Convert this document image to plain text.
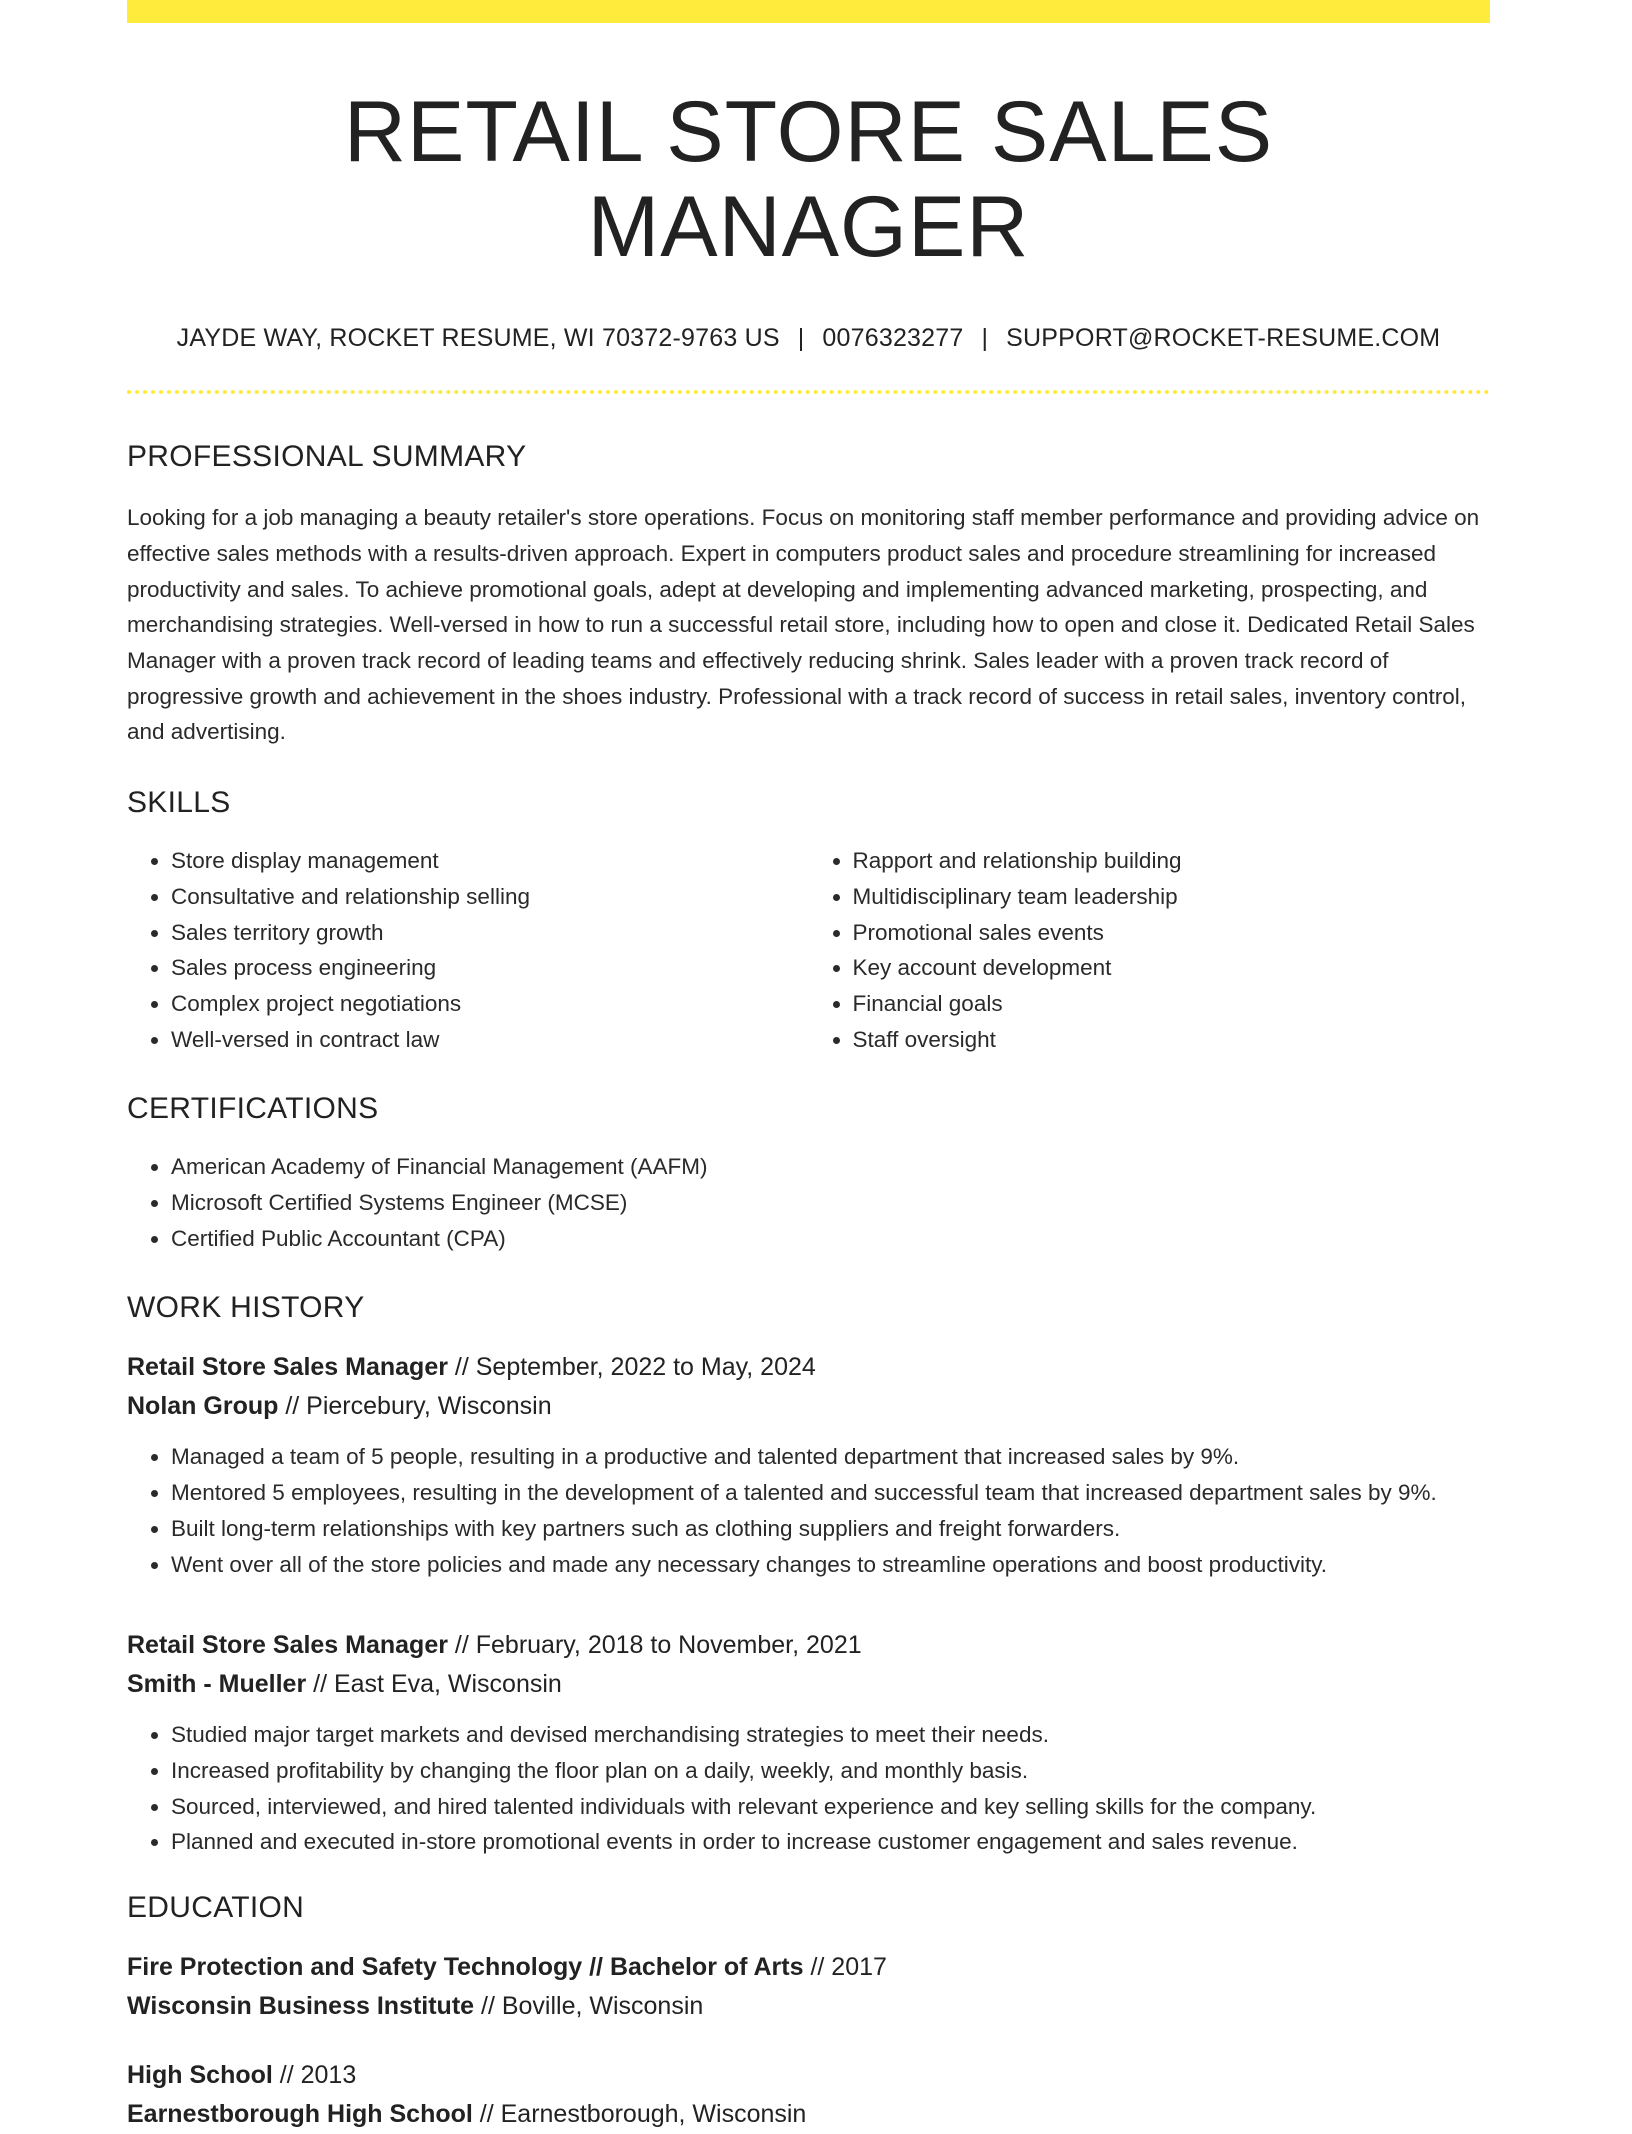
RETAIL STORE SALES MANAGER
JAYDE WAY, ROCKET RESUME, WI 70372-9763 US | 0076323277 | SUPPORT@ROCKET-RESUME.COM
PROFESSIONAL SUMMARY

Looking for a job managing a beauty retailer's store operations. Focus on monitoring staff member performance and providing advice on effective sales methods with a results-driven approach. Expert in computers product sales and procedure streamlining for increased productivity and sales. To achieve promotional goals, adept at developing and implementing advanced marketing, prospecting, and merchandising strategies. Well-versed in how to run a successful retail store, including how to open and close it. Dedicated Retail Sales Manager with a proven track record of leading teams and effectively reducing shrink. Sales leader with a proven track record of progressive growth and achievement in the shoes industry. Professional with a track record of success in retail sales, inventory control, and advertising.

SKILLS
• Store display management
• Consultative and relationship selling
• Sales territory growth
• Sales process engineering
• Complex project negotiations
• Well-versed in contract law
• Rapport and relationship building
• Multidisciplinary team leadership
• Promotional sales events
• Key account development
• Financial goals
• Staff oversight
CERTIFICATIONS
• American Academy of Financial Management (AAFM)
• Microsoft Certified Systems Engineer (MCSE)
• Certified Public Accountant (CPA)
WORK HISTORY
Retail Store Sales Manager // September, 2022 to May, 2024
Nolan Group // Piercebury, Wisconsin
• Managed a team of 5 people, resulting in a productive and talented department that increased sales by 9%.
• Mentored 5 employees, resulting in the development of a talented and successful team that increased department sales by 9%.
• Built long-term relationships with key partners such as clothing suppliers and freight forwarders.
• Went over all of the store policies and made any necessary changes to streamline operations and boost productivity.
Retail Store Sales Manager // February, 2018 to November, 2021
Smith - Mueller // East Eva, Wisconsin
• Studied major target markets and devised merchandising strategies to meet their needs.
• Increased profitability by changing the floor plan on a daily, weekly, and monthly basis.
• Sourced, interviewed, and hired talented individuals with relevant experience and key selling skills for the company.
• Planned and executed in-store promotional events in order to increase customer engagement and sales revenue.
EDUCATION
Fire Protection and Safety Technology // Bachelor of Arts // 2017
Wisconsin Business Institute // Boville, Wisconsin
High School // 2013
Earnestborough High School // Earnestborough, Wisconsin
